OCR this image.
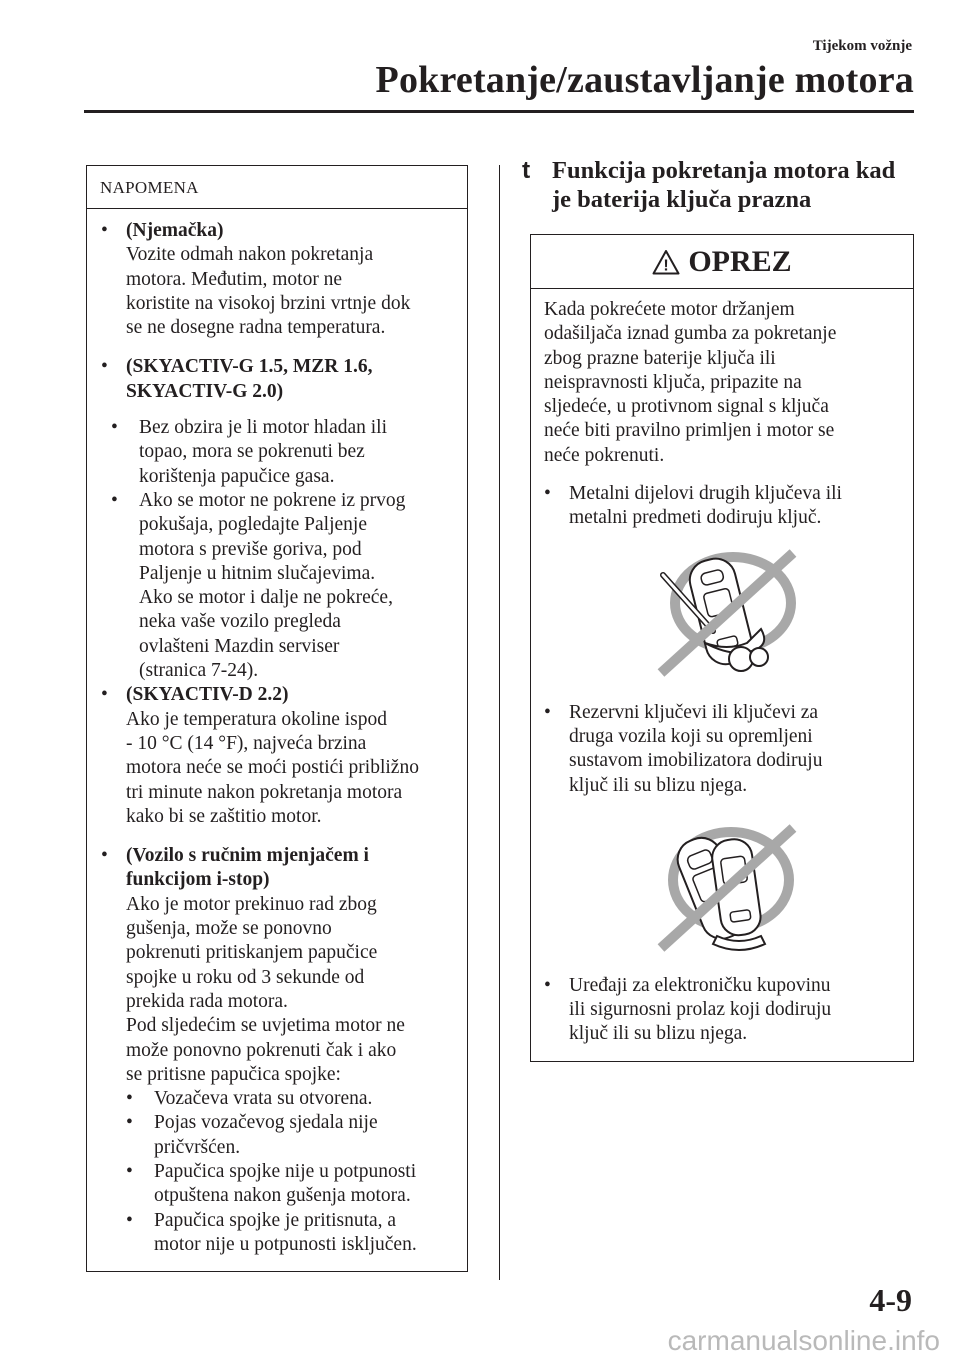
Tijekom vožnje
Pokretanje/zaustavljanje motora
NAPOMENA
• (Njemačka)
Vozite odmah nakon pokretanja
motora. Međutim, motor ne
koristite na visokoj brzini vrtnje dok
se ne dosegne radna temperatura.
• (SKYACTIV-G 1.5, MZR 1.6,
SKYACTIV-G 2.0)
• Bez obzira je li motor hladan ili
topao, mora se pokrenuti bez
korištenja papučice gasa.
• Ako se motor ne pokrene iz prvog
pokušaja, pogledajte Paljenje
motora s previše goriva, pod
Paljenje u hitnim slučajevima.
Ako se motor i dalje ne pokreće,
neka vaše vozilo pregleda
ovlašteni Mazdin serviser
(stranica 7-24).
• (SKYACTIV-D 2.2)
Ako je temperatura okoline ispod
- 10 °C (14 °F), najveća brzina
motora neće se moći postići približno
tri minute nakon pokretanja motora
kako bi se zaštitio motor.
• (Vozilo s ručnim mjenjačem i
funkcijom i-stop)
Ako je motor prekinuo rad zbog
gušenja, može se ponovno
pokrenuti pritiskanjem papučice
spojke u roku od 3 sekunde od
prekida rada motora.
Pod sljedećim se uvjetima motor ne
može ponovno pokrenuti čak i ako
se pritisne papučica spojke:
• Vozačeva vrata su otvorena.
• Pojas vozačevog sjedala nije
pričvršćen.
• Papučica spojke nije u potpunosti
otpuštena nakon gušenja motora.
• Papučica spojke je pritisnuta, a
motor nije u potpunosti isključen.
t Funkcija pokretanja motora kad
je baterija ključa prazna
! OPREZ
Kada pokrećete motor držanjem
odašiljača iznad gumba za pokretanje
zbog prazne baterije ključa ili
neispravnosti ključa, pripazite na
sljedeće, u protivnom signal s ključa
neće biti pravilno primljen i motor se
neće pokrenuti.
• Metalni dijelovi drugih ključeva ili
metalni predmeti dodiruju ključ.
• Rezervni ključevi ili ključevi za
druga vozila koji su opremljeni
sustavom imobilizatora dodiruju
ključ ili su blizu njega.
• Uređaji za elektroničku kupovinu
ili sigurnosni prolaz koji dodiruju
ključ ili su blizu njega.
4-9
carmanualsonline.info
